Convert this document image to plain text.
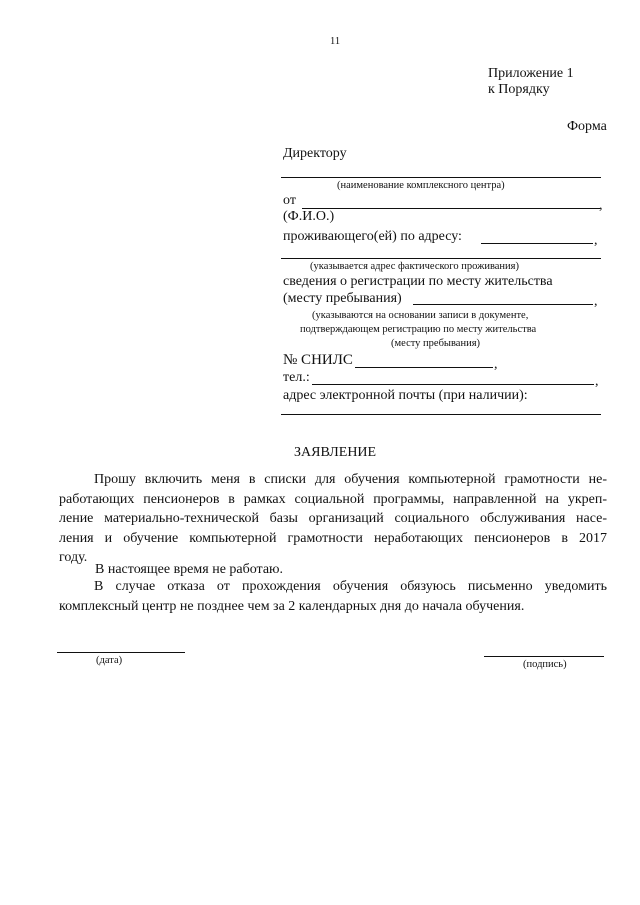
11
Приложение 1
к Порядку
Форма
Директору
(наименование комплексного центра)
от	,
(Ф.И.О.)
проживающего(ей) по адресу:	,
(указывается адрес фактического проживания)
сведения о регистрации по месту жительства
(месту пребывания)	,
(указываются на основании записи в документе,
подтверждающем регистрацию по месту жительства
(месту пребывания)
№ СНИЛС	,
тел.:	,
адрес электронной почты (при наличии):
ЗАЯВЛЕНИЕ
Прошу включить меня в списки для обучения компьютерной грамотности не-
работающих пенсионеров в рамках социальной программы, направленной на укреп-
ление материально-технической базы организаций социального обслуживания насе-
ления и обучение компьютерной грамотности неработающих пенсионеров в 2017
году.
В настоящее время не работаю.
В случае отказа от прохождения обучения обязуюсь письменно уведомить
комплексный центр не позднее чем за 2 календарных дня до начала обучения.
(дата)	(подпись)
